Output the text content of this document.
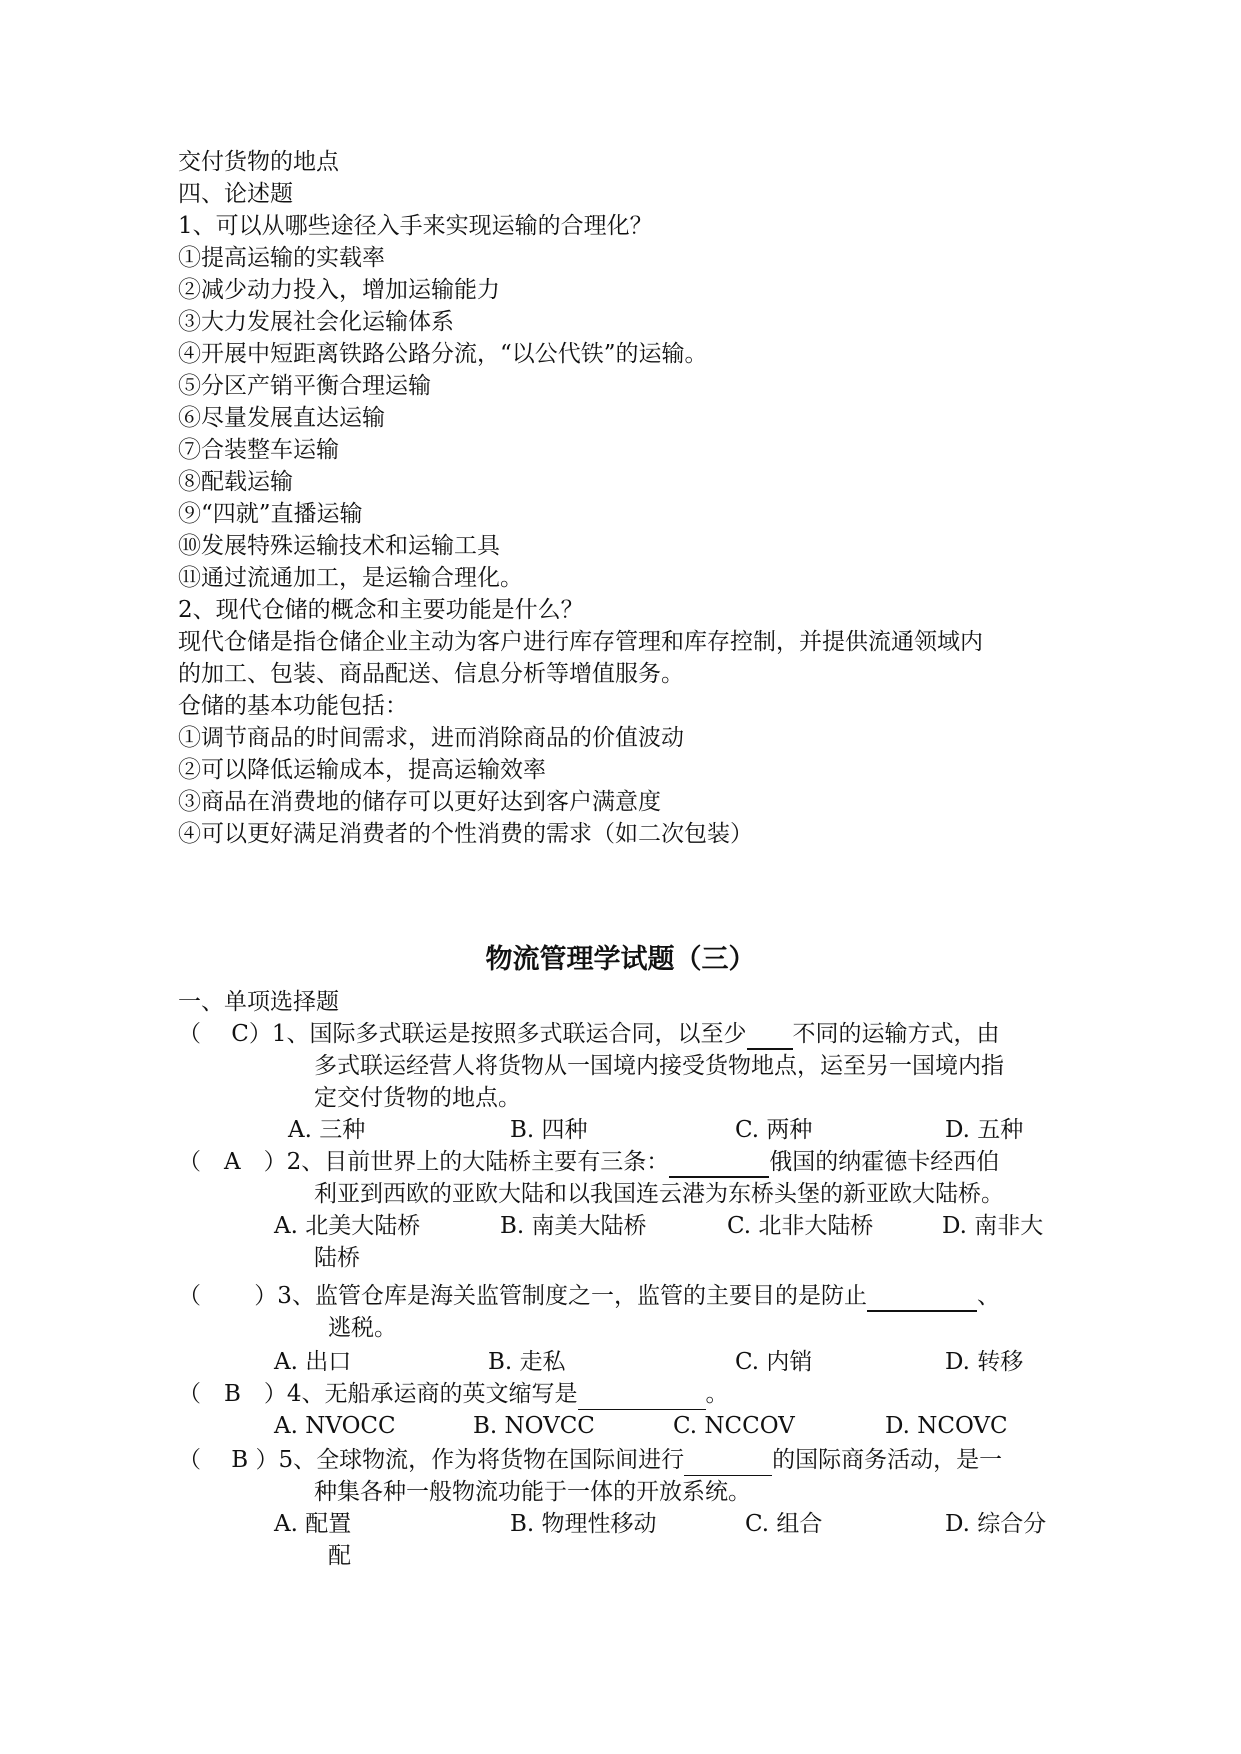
交付货物的地点
四、论述题
1、可以从哪些途径入手来实现运输的合理化？
①提高运输的实载率
②减少动力投入，增加运输能力
③大力发展社会化运输体系
④开展中短距离铁路公路分流，“以公代铁”的运输。
⑤分区产销平衡合理运输
⑥尽量发展直达运输
⑦合装整车运输
⑧配载运输
⑨“四就”直播运输
⑩发展特殊运输技术和运输工具
⑪通过流通加工，是运输合理化。
2、现代仓储的概念和主要功能是什么？
现代仓储是指仓储企业主动为客户进行库存管理和库存控制，并提供流通领域内
的加工、包装、商品配送、信息分析等增值服务。
仓储的基本功能包括：
①调节商品的时间需求，进而消除商品的价值波动
②可以降低运输成本，提高运输效率
③商品在消费地的储存可以更好达到客户满意度
④可以更好满足消费者的个性消费的需求（如二次包装）
物流管理学试题（三）
一、单项选择题
（　 C）1、国际多式联运是按照多式联运合同，以至少 不同的运输方式，由
多式联运经营人将货物从一国境内接受货物地点，运至另一国境内指
定交付货物的地点。
A. 三种	B. 四种	C. 两种	D. 五种
（　A　）2、目前世界上的大陆桥主要有三条：	俄国的纳霍德卡经西伯
利亚到西欧的亚欧大陆和以我国连云港为东桥头堡的新亚欧大陆桥。
A. 北美大陆桥	B. 南美大陆桥	C. 北非大陆桥	D. 南非大
陆桥
（　　 ）3、监管仓库是海关监管制度之一，监管的主要目的是防止	、
逃税。
A. 出口	B. 走私	C. 内销	D. 转移
（　B　）4、无船承运商的英文缩写是	。
A. NVOCC	B. NOVCC	C. NCCOV	D. NCOVC
（　 B ）5、全球物流，作为将货物在国际间进行	的国际商务活动，是一
种集各种一般物流功能于一体的开放系统。
A. 配置	B. 物理性移动	C. 组合	D. 综合分
配
